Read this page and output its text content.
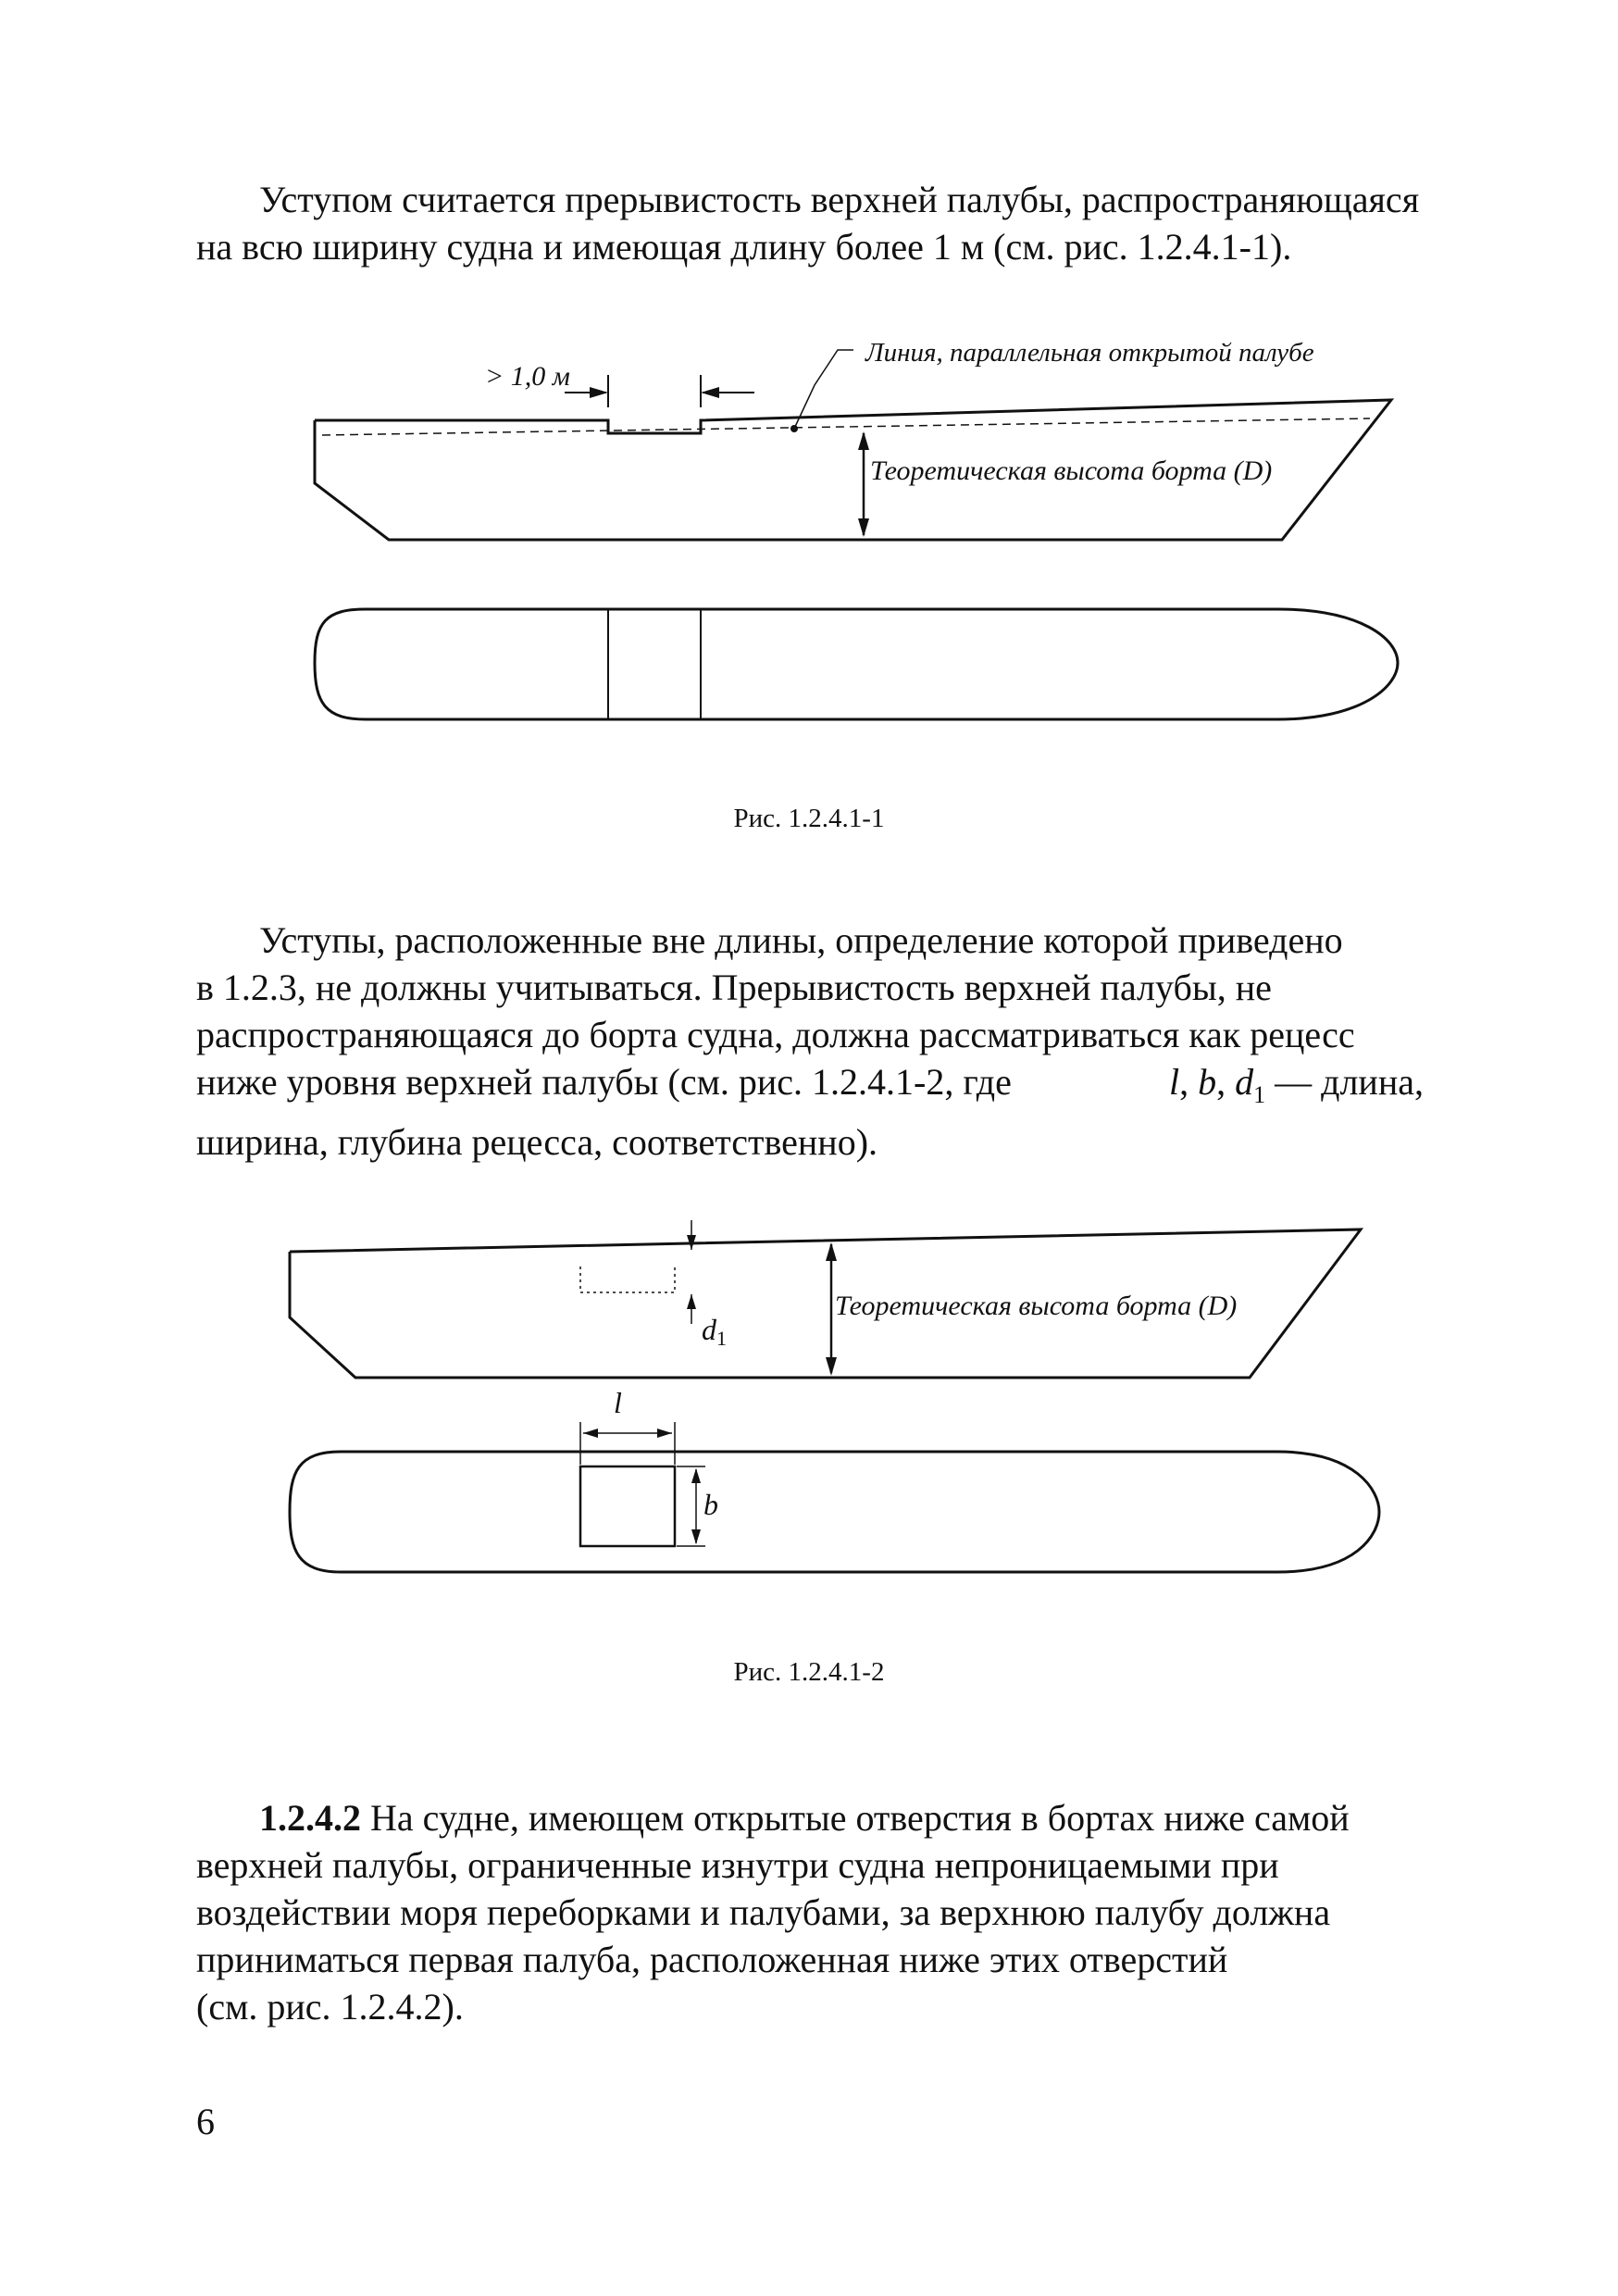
Уступом считается прерывистость верхней палубы, распространяющаяся
на всю ширину судна и имеющая длину более 1 м (см. рис. 1.2.4.1-1).
> 1,0 м
Линия, параллельная открытой палубе
Теоретическая высота борта (D)
Рис. 1.2.4.1-1
Уступы, расположенные вне длины, определение которой приведено
в 1.2.3, не должны учитываться. Прерывистость верхней палубы, не
распространяющаяся до борта судна, должна рассматриваться как рецесс
ниже уровня верхней палубы (см. рис. 1.2.4.1-2, где	l, b, $d_1$ — длина,
ширина, глубина рецесса, соответственно).
Теоретическая высота борта (D)
d1
l
b
Рис. 1.2.4.1-2
1.2.4.2 На судне, имеющем открытые отверстия в бортах ниже самой
верхней палубы, ограниченные изнутри судна непроницаемыми при
воздействии моря переборками и палубами, за верхнюю палубу должна
приниматься первая палуба, расположенная ниже этих отверстий
(см. рис. 1.2.4.2).
6
